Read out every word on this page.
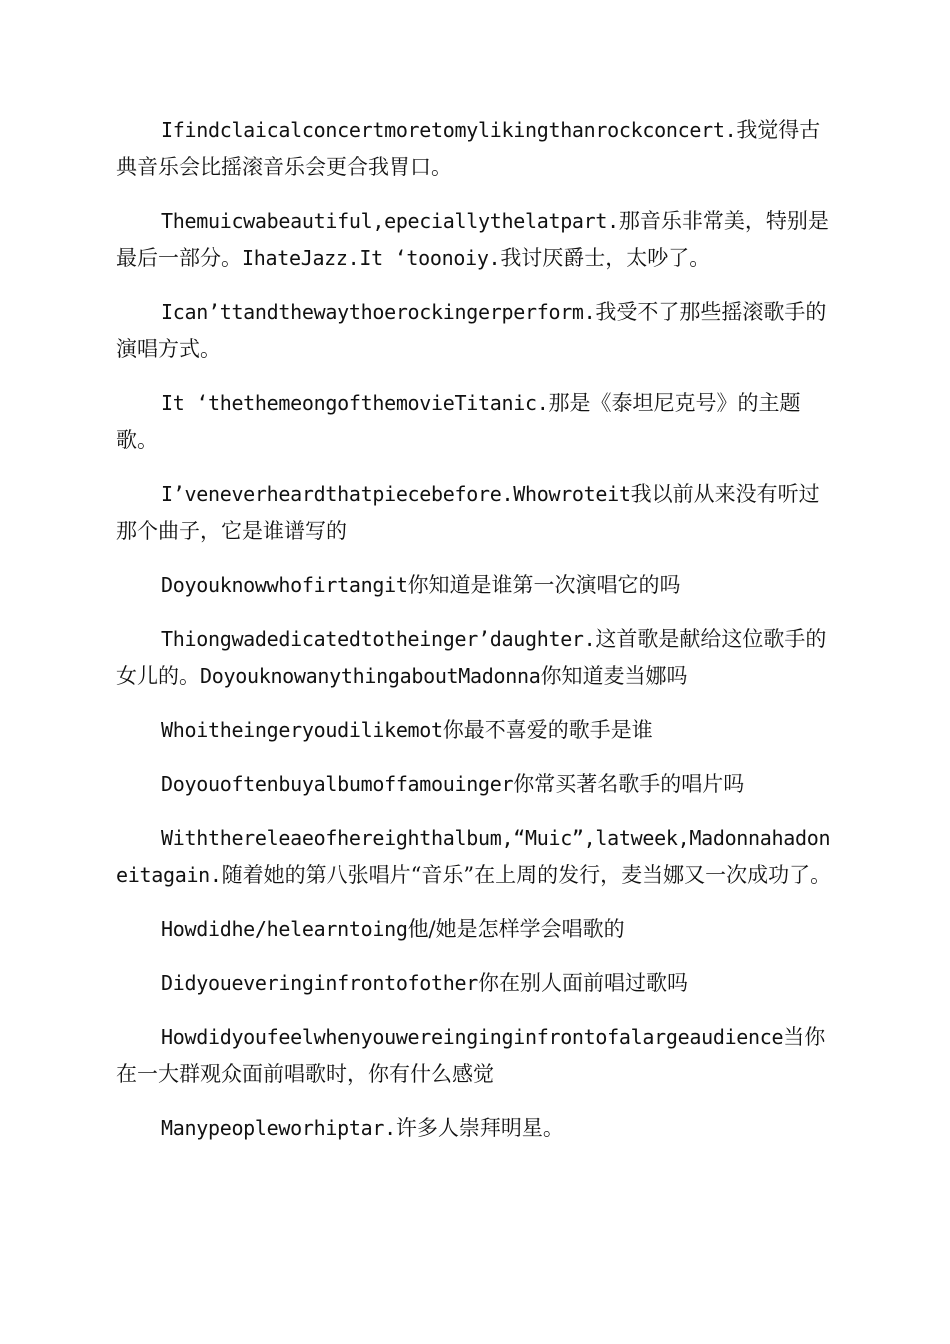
Ifindclaicalconcertmoretomylikingthanrockconcert.我觉得古典音乐会比摇滚音乐会更合我胃口。

Themuicwabeautiful,epeciallythelatpart.那音乐非常美，特别是最后一部分。IhateJazz.It ‘toonoiy.我讨厌爵士，太吵了。

Ican’ttandthewaythoerockingerperform.我受不了那些摇滚歌手的演唱方式。

It ‘thethemeongofthemovieTitanic.那是《泰坦尼克号》的主题歌。

I’veneverheardthatpiecebefore.Whowroteit我以前从来没有听过那个曲子，它是谁谱写的

Doyouknowwhofirtangit你知道是谁第一次演唱它的吗

Thiongwadedicatedtotheinger’daughter.这首歌是献给这位歌手的女儿的。DoyouknowanythingaboutMadonna你知道麦当娜吗

Whoitheingeryoudilikemot你最不喜爱的歌手是谁

Doyouoftenbuyalbumoffamouinger你常买著名歌手的唱片吗

Withthereleaeofhereighthalbum,“Muic”,latweek,Madonnahadoneitagain.随着她的第八张唱片“音乐”在上周的发行，麦当娜又一次成功了。

Howdidhe/helearntoing他/她是怎样学会唱歌的

Didyoueveringinfrontofother你在别人面前唱过歌吗

Howdidyoufeelwhenyouwereinginginfrontofalargeaudience当你在一大群观众面前唱歌时，你有什么感觉

Manypeopleworhiptar.许多人崇拜明星。
